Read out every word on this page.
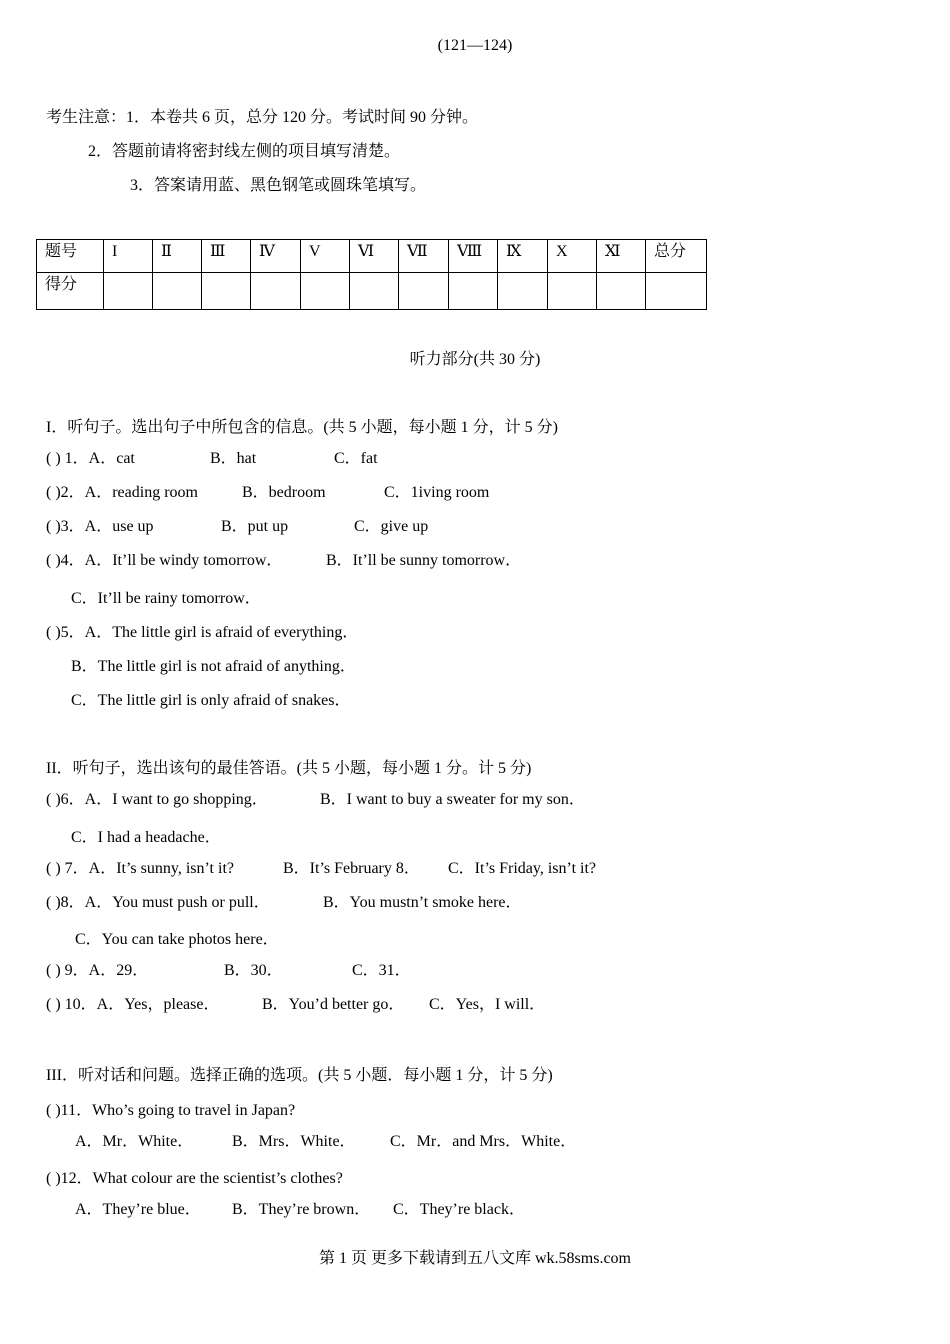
(121—124)
考生注意：1．本卷共 6 页，总分 120 分。考试时间 90 分钟。
2．答题前请将密封线左侧的项目填写清楚。
3．答案请用蓝、黑色钢笔或圆珠笔填写。
题号	I	Ⅱ	Ⅲ	Ⅳ	V	Ⅵ	Ⅶ	Ⅷ	Ⅸ	X	Ⅺ	总分
得分												
听力部分(共 30 分)
I．听句子。选出句子中所包含的信息。(共 5 小题，每小题 1 分，计 5 分)
( ) 1．A．cat	B．hat	C．fat
( )2．A．reading room	B．bedroom	C．1iving room
( )3．A．use up	B．put up	C．give up
( )4．A．It’ll be windy tomorrow．	B．It’ll be sunny tomorrow．
C．It’ll be rainy tomorrow．
( )5．A．The little girl is afraid of everything．
B．The little girl is not afraid of anything．
C．The little girl is only afraid of snakes．
II．听句子，选出该句的最佳答语。(共 5 小题，每小题 1 分。计 5 分)
( )6．A．I want to go shopping．	B．I want to buy a sweater for my son．
C．I had a headache．
( ) 7．A．It’s sunny, isn’t it?	B．It’s February 8． C．It’s Friday, isn’t it?
( )8．A．You must push or pull．	B．You mustn’t smoke here．
C．You can take photos here．
( ) 9．A．29．	B．30．	C．31．
( ) 10．A．Yes，please．	B．You’d better go． C．Yes，I will．
III．听对话和问题。选择正确的选项。(共 5 小题．每小题 1 分，计 5 分)
( )11．Who’s going to travel in Japan?
A．Mr．White． B．Mrs．White． C．Mr．and Mrs．White．
( )12．What colour are the scientist’s clothes?
A．They’re blue． B．They’re brown． C．They’re black．
第 1 页 更多下载请到五八文库 wk.58sms.com
